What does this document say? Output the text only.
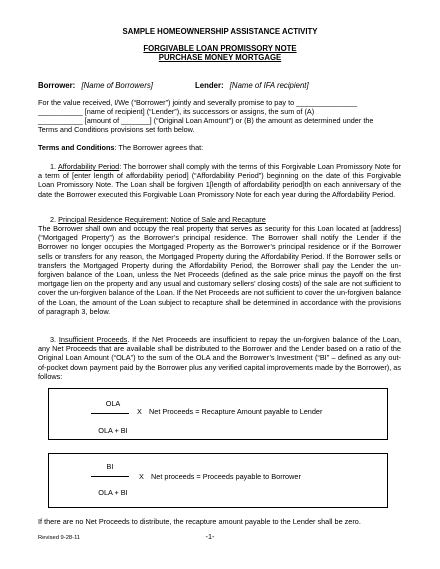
SAMPLE HOMEOWNERSHIP ASSISTANCE ACTIVITY
FORGIVABLE LOAN PROMISSORY NOTE
PURCHASE MONEY MORTGAGE
Borrower: [Name of Borrowers]	Lender: [Name of IFA recipient]
For the value received, I/We (“Borrower”) jointly and severally promise to pay to _______________
___________ [name of recipient] (“Lender”), its successors or assigns, the sum of (A)
___________ [amount of _______] (“Original Loan Amount”) or (B) the amount as determined under the
Terms and Conditions provisions set forth below.
Terms and Conditions: The Borrower agrees that:
1. Affordability Period: The borrower shall comply with the terms of this Forgivable Loan Promissory Note for a term of [enter length of affordability period] (“Affordability Period”) beginning on the date of this Forgivable Loan Promissory Note. The Loan shall be forgiven 1[length of affordability period]th on each anniversary of the date the Borrower executed this Forgivable Loan Promissory Note for each year during the Affordability Period.
2. Principal Residence Requirement: Notice of Sale and Recapture
The Borrower shall own and occupy the real property that serves as security for this Loan located at [address] (“Mortgaged Property”) as the Borrower’s principal residence. The Borrower shall notify the Lender if the Borrower no longer occupies the Mortgaged Property as the Borrower’s principal residence or if the Borrower sells or transfers for any reason, the Mortgaged Property during the Affordability Period. If the Borrower sells or transfers the Mortgaged Property during the Affordability Period, the Borrower shall pay the Lender the un-forgiven balance of the Loan, unless the Net Proceeds (defined as the sale price minus the payoff on the first mortgage lien on the property and any usual and customary sellers’ closing costs) of the sale are not sufficient to cover the un-forgiven balance of the Loan. If the Net Proceeds are not sufficient to cover the un-forgiven balance of the Loan, the amount of the Loan subject to recapture shall be determined in accordance with the provisions of paragraph 3, below.
3. Insufficient Proceeds. If the Net Proceeds are insufficient to repay the un-forgiven balance of the Loan, any Net Proceeds that are available shall be distributed to the Borrower and the Lender based on a ratio of the Original Loan Amount (“OLA”) to the sum of the OLA and the Borrower’s Investment (“BI” – defined as any out-of-pocket down payment paid by the Borrower plus any verified capital improvements made by the Borrower), as follows:
OLA
X Net Proceeds = Recapture Amount payable to Lender
OLA + BI
BI
X Net proceeds = Proceeds payable to Borrower
OLA + BI
If there are no Net Proceeds to distribute, the recapture amount payable to the Lender shall be zero.
Revised 9-28-11	-1-
